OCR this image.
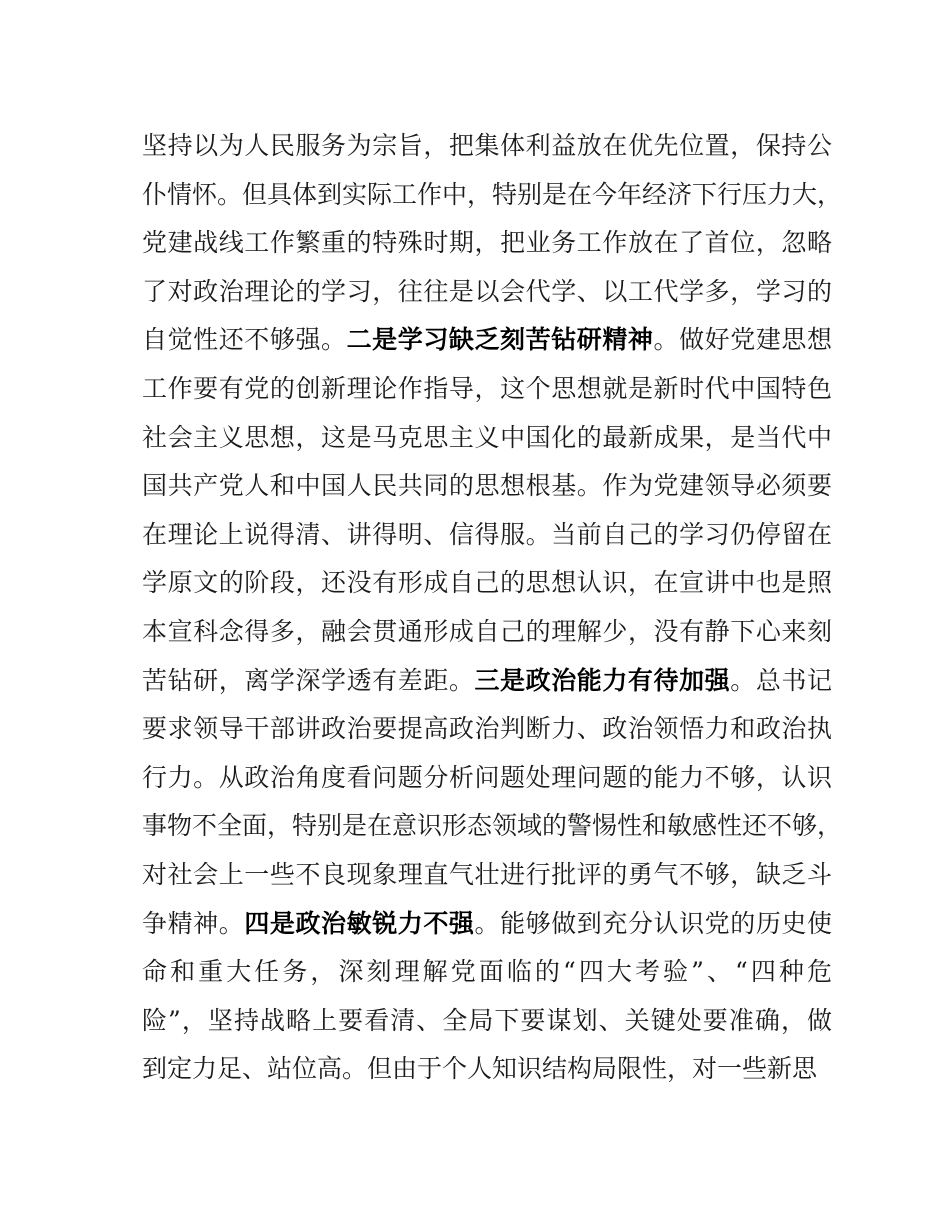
坚持以为人民服务为宗旨，把集体利益放在优先位置，保持公
仆情怀。但具体到实际工作中，特别是在今年经济下行压力大，
党建战线工作繁重的特殊时期，把业务工作放在了首位，忽略
了对政治理论的学习，往往是以会代学、以工代学多，学习的
自觉性还不够强。二是学习缺乏刻苦钻研精神。做好党建思想
工作要有党的创新理论作指导，这个思想就是新时代中国特色
社会主义思想，这是马克思主义中国化的最新成果，是当代中
国共产党人和中国人民共同的思想根基。作为党建领导必须要
在理论上说得清、讲得明、信得服。当前自己的学习仍停留在
学原文的阶段，还没有形成自己的思想认识，在宣讲中也是照
本宣科念得多，融会贯通形成自己的理解少，没有静下心来刻
苦钻研，离学深学透有差距。三是政治能力有待加强。总书记
要求领导干部讲政治要提高政治判断力、政治领悟力和政治执
行力。从政治角度看问题分析问题处理问题的能力不够，认识
事物不全面，特别是在意识形态领域的警惕性和敏感性还不够，
对社会上一些不良现象理直气壮进行批评的勇气不够，缺乏斗
争精神。四是政治敏锐力不强。能够做到充分认识党的历史使
命和重大任务，深刻理解党面临的“四大考验”、“四种危
险”，坚持战略上要看清、全局下要谋划、关键处要准确，做
到定力足、站位高。但由于个人知识结构局限性，对一些新思
